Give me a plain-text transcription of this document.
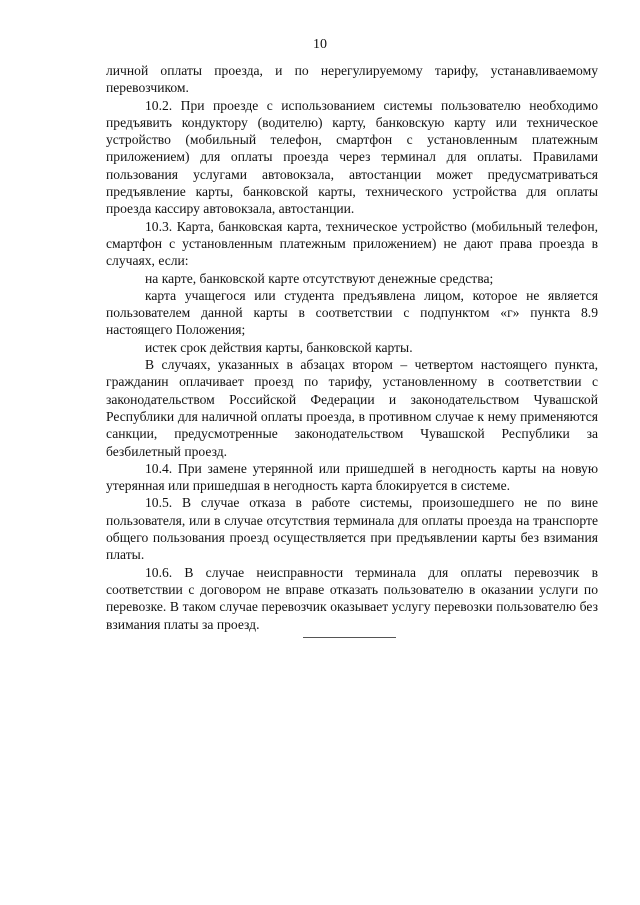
10

личной оплаты проезда, и по нерегулируемому тарифу, устанавливаемому перевозчиком.

10.2. При проезде с использованием системы пользователю необходимо предъявить кондуктору (водителю) карту, банковскую карту или техническое устройство (мобильный телефон, смартфон с установленным платежным приложением) для оплаты проезда через терминал для оплаты. Правилами пользования услугами автовокзала, автостанции может предусматриваться предъявление карты, банковской карты, технического устройства для оплаты проезда кассиру автовокзала, автостанции.

10.3. Карта, банковская карта, техническое устройство (мобильный телефон, смартфон с установленным платежным приложением) не дают права проезда в случаях, если:

на карте, банковской карте отсутствуют денежные средства;

карта учащегося или студента предъявлена лицом, которое не является пользователем данной карты в соответствии с подпунктом «г» пункта 8.9 настоящего Положения;

истек срок действия карты, банковской карты.

В случаях, указанных в абзацах втором – четвертом настоящего пункта, гражданин оплачивает проезд по тарифу, установленному в соответствии с законодательством Российской Федерации и законодательством Чувашской Республики для наличной оплаты проезда, в противном случае к нему применяются санкции, предусмотренные законодательством Чувашской Республики за безбилетный проезд.

10.4. При замене утерянной или пришедшей в негодность карты на новую утерянная или пришедшая в негодность карта блокируется в системе.

10.5. В случае отказа в работе системы, произошедшего не по вине пользователя, или в случае отсутствия терминала для оплаты проезда на транспорте общего пользования проезд осуществляется при предъявлении карты без взимания платы.

10.6. В случае неисправности терминала для оплаты перевозчик в соответствии с договором не вправе отказать пользователю в оказании услуги по перевозке. В таком случае перевозчик оказывает услугу перевозки пользователю без взимания платы за проезд.
